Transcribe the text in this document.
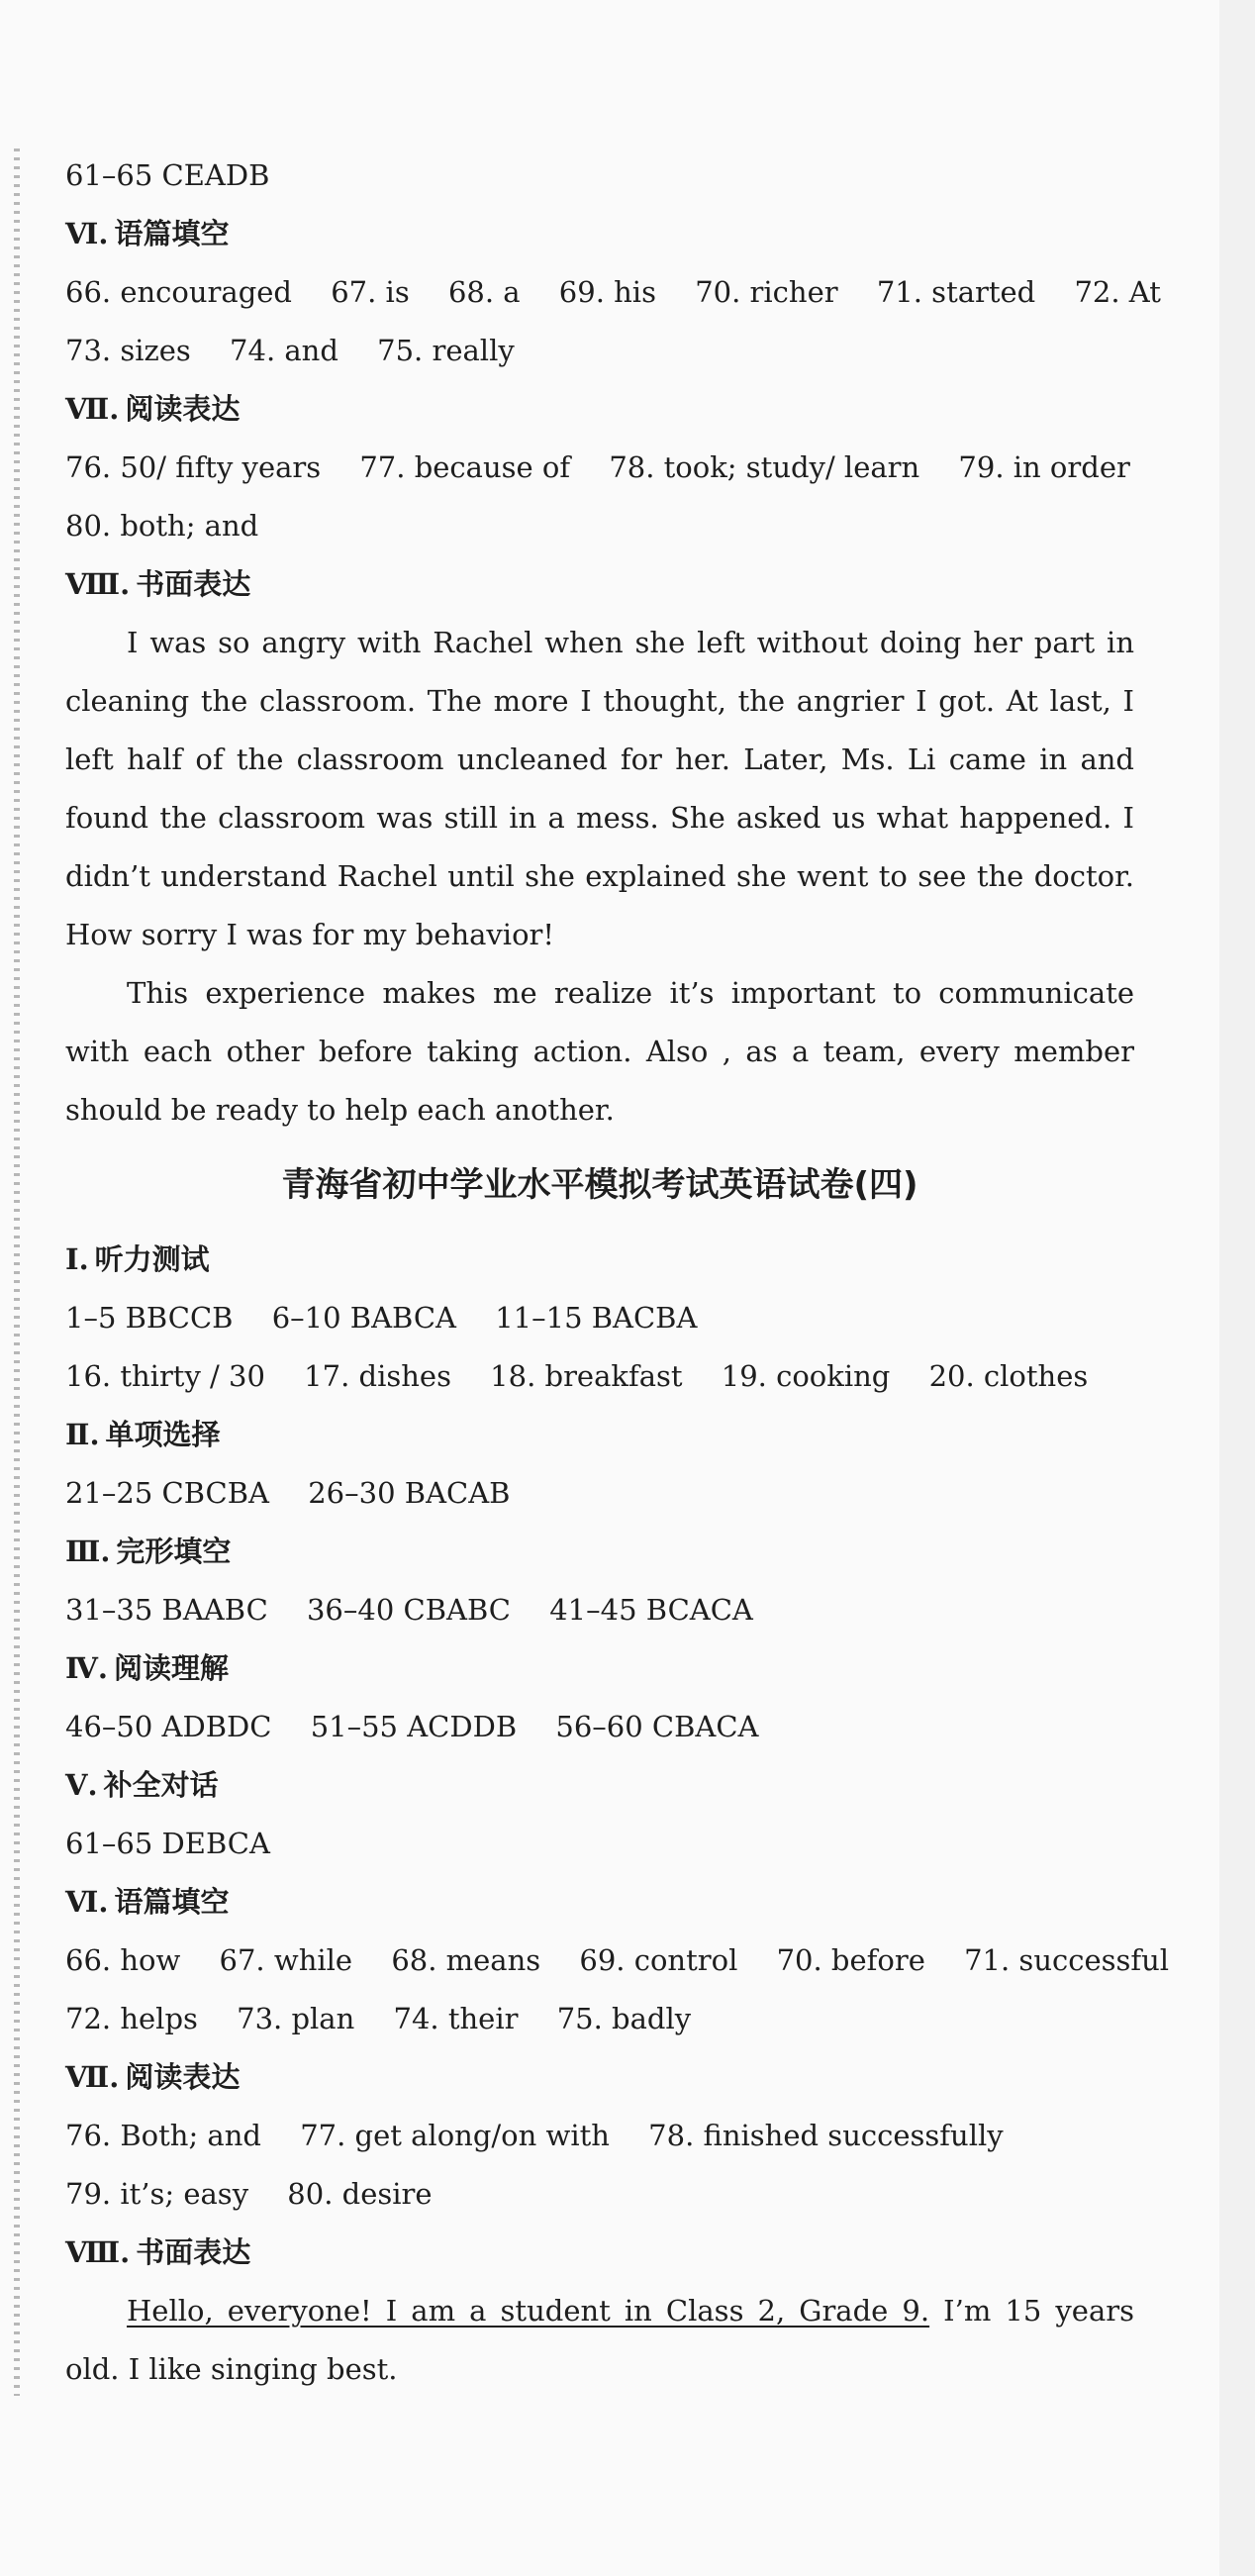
61–65 CEADB
Ⅵ. 语篇填空
66. encouraged 67. is 68. a 69. his 70. richer 71. started 72. At
73. sizes 74. and 75. really
Ⅶ. 阅读表达
76. 50/ fifty years 77. because of 78. took; study/ learn 79. in order
80. both; and
Ⅷ. 书面表达
I was so angry with Rachel when she left without doing her part in cleaning the classroom. The more I thought, the angrier I got. At last, I left half of the classroom uncleaned for her. Later, Ms. Li came in and found the classroom was still in a mess. She asked us what happened. I didn’t understand Rachel until she explained she went to see the doctor. How sorry I was for my behavior!
This experience makes me realize it’s important to communicate with each other before taking action. Also , as a team, every member should be ready to help each another.
青海省初中学业水平模拟考试英语试卷(四)
Ⅰ. 听力测试
1–5 BBCCB 6–10 BABCA 11–15 BACBA
16. thirty / 30 17. dishes 18. breakfast 19. cooking 20. clothes
Ⅱ. 单项选择
21–25 CBCBA 26–30 BACAB
Ⅲ. 完形填空
31–35 BAABC 36–40 CBABC 41–45 BCACA
Ⅳ. 阅读理解
46–50 ADBDC 51–55 ACDDB 56–60 CBACA
Ⅴ. 补全对话
61–65 DEBCA
Ⅵ. 语篇填空
66. how 67. while 68. means 69. control 70. before 71. successful
72. helps 73. plan 74. their 75. badly
Ⅶ. 阅读表达
76. Both; and 77. get along/on with 78. finished successfully
79. it’s; easy 80. desire
Ⅷ. 书面表达
Hello, everyone! I am a student in Class 2, Grade 9. I’m 15 years old. I like singing best.
